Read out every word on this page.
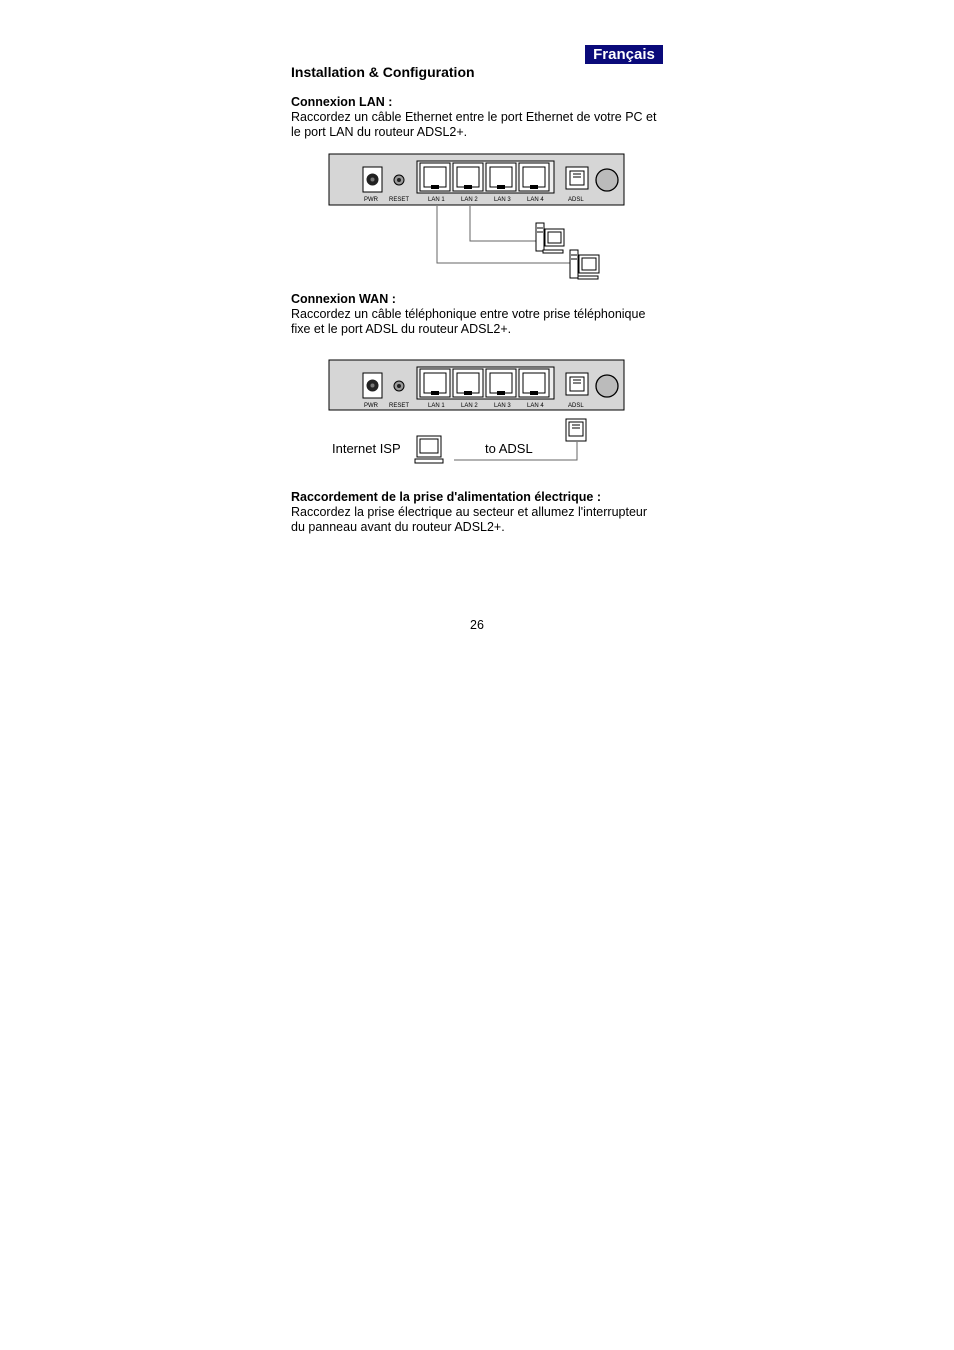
Français
Installation & Configuration
Connexion LAN :
Raccordez un câble Ethernet entre le port Ethernet de votre PC et
le port LAN du routeur ADSL2+.
PWR RESET	LAN 1	LAN 2	LAN 3	LAN 4	ADSL
Connexion WAN :
Raccordez un câble téléphonique entre votre prise téléphonique
fixe et le port ADSL du routeur ADSL2+.
PWR RESET	LAN 1	LAN 2	LAN 3	LAN 4	ADSL
Internet ISP	to ADSL
Raccordement de la prise d'alimentation électrique :
Raccordez la prise électrique au secteur et allumez l'interrupteur
du panneau avant du routeur ADSL2+.
26
